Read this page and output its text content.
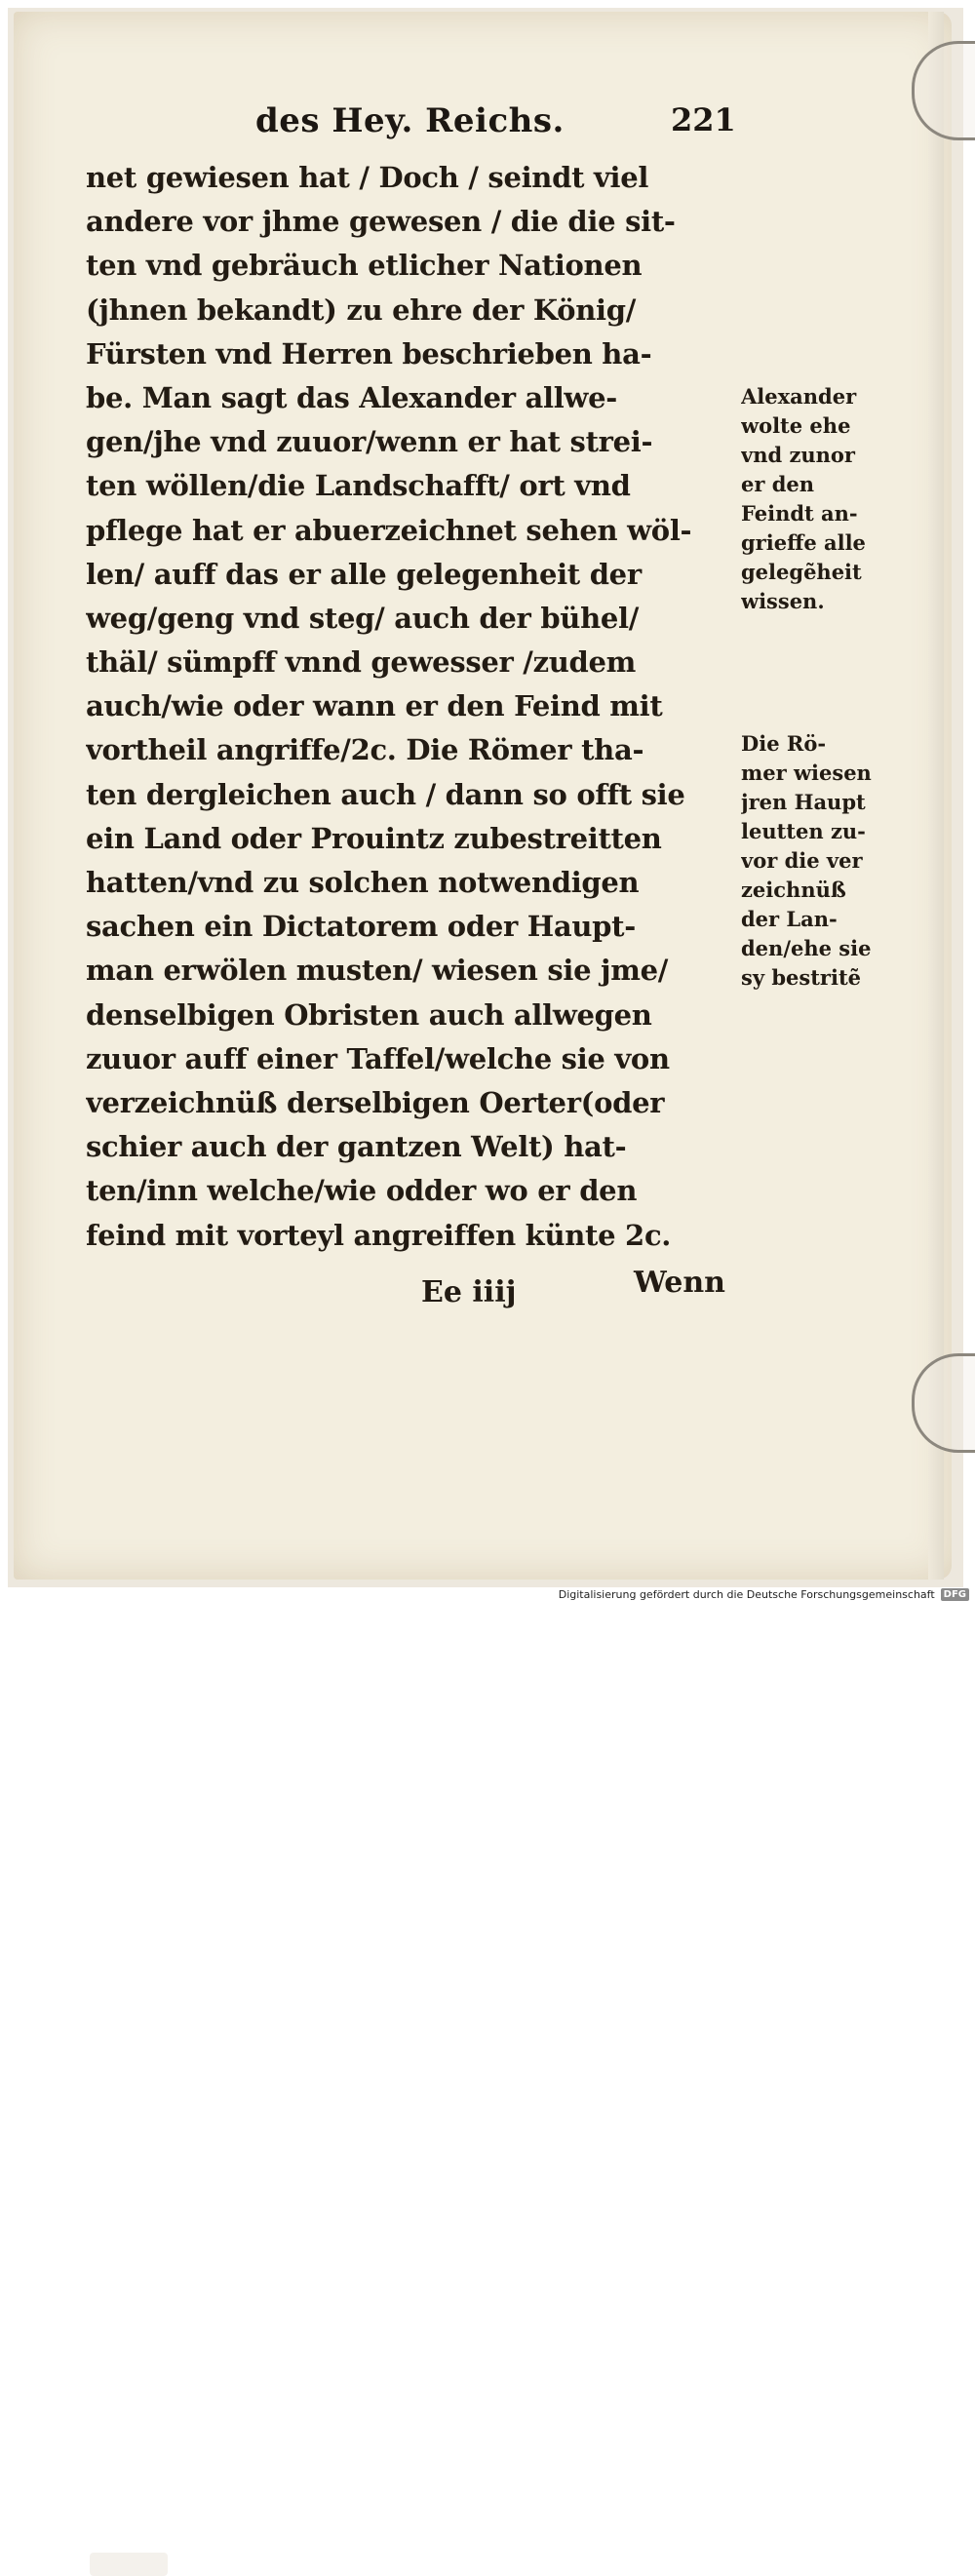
des Hey. Reichs.	221
net gewiesen hat / Doch / seindt viel
andere vor jhme gewesen / die die sit-
ten vnd gebräuch etlicher Nationen
(jhnen bekandt) zu ehre der König/
Fürsten vnd Herren beschrieben ha-
be. Man sagt das Alexander allwe-
gen/jhe vnd zuuor/wenn er hat strei-
ten wöllen/die Landschafft/ ort vnd
pflege hat er abuerzeichnet sehen wöl-
len/ auff das er alle gelegenheit der
weg/geng vnd steg/ auch der bühel/
thäl/ sümpff vnnd gewesser /zudem
auch/wie oder wann er den Feind mit
vortheil angriffe/2c. Die Römer tha-
ten dergleichen auch / dann so offt sie
ein Land oder Prouintz zubestreitten
hatten/vnd zu solchen notwendigen
sachen ein Dictatorem oder Haupt-
man erwölen musten/ wiesen sie jme/
denselbigen Obristen auch allwegen
zuuor auff einer Taffel/welche sie von
verzeichnüß derselbigen Oerter(oder
schier auch der gantzen Welt) hat-
ten/inn welche/wie odder wo er den
feind mit vorteyl angreiffen künte 2c.
Alexander
wolte ehe
vnd zunor
er den
Feindt an-
grieffe alle
gelegẽheit
wissen.
Die Rö-
mer wiesen
jren Haupt
leutten zu-
vor die ver
zeichnüß
der Lan-
den/ehe sie
sy bestritẽ
Ee iiij	Wenn
Digitalisierung gefördert durch die Deutsche Forschungsgemeinschaft DFG
